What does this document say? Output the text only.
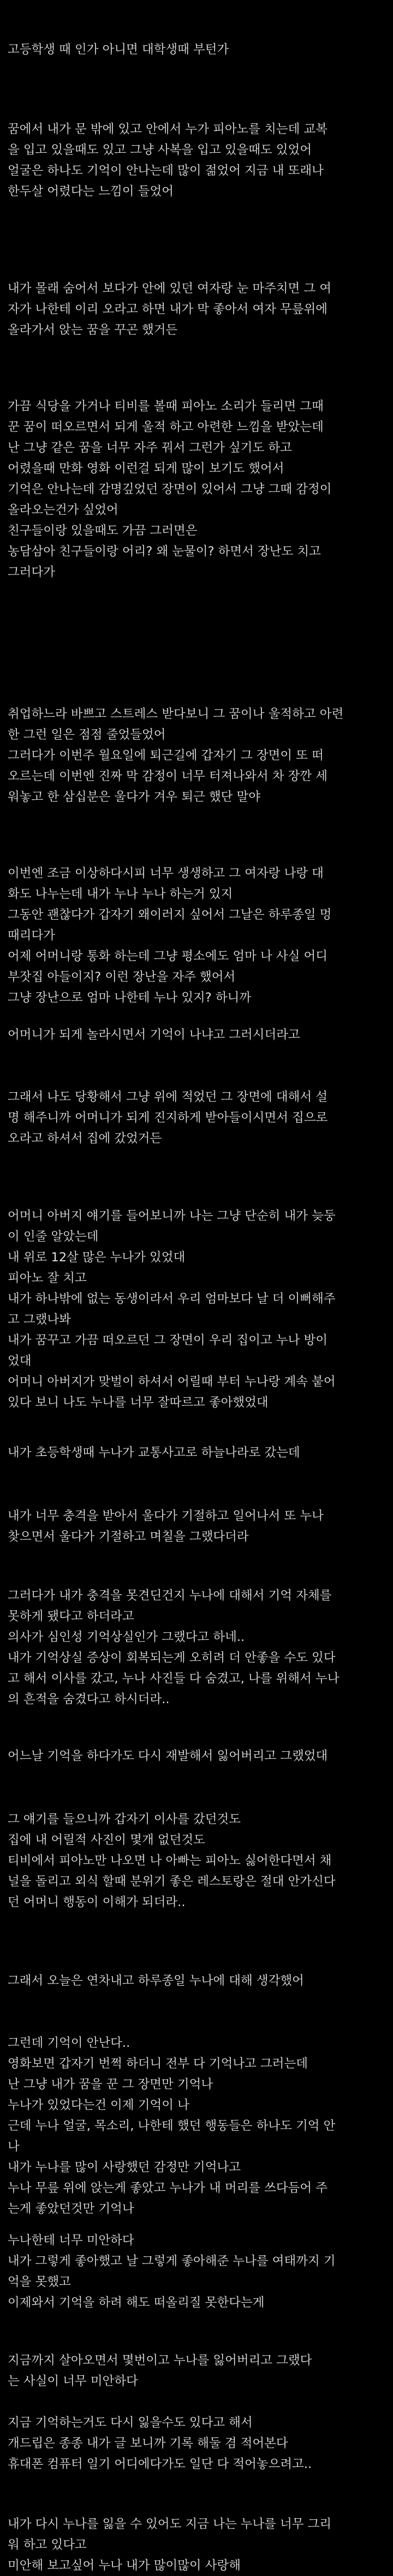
고등학생 때 인가 아니면 대학생때 부턴가
꿈에서 내가 문 밖에 있고 안에서 누가 피아노를 치는데 교복
을 입고 있을때도 있고 그냥 사복을 입고 있을때도 있었어
얼굴은 하나도 기억이 안나는데 많이 젊었어 지금 내 또래나
한두살 어렸다는 느낌이 들었어
내가 몰래 숨어서 보다가 안에 있던 여자랑 눈 마주치면 그 여
자가 나한테 이리 오라고 하면 내가 막 좋아서 여자 무릎위에
올라가서 앉는 꿈을 꾸곤 했거든
가끔 식당을 가거나 티비를 볼때 피아노 소리가 들리면 그때
꾼 꿈이 떠오르면서 되게 울적 하고 아련한 느낌을 받았는데
난 그냥 같은 꿈을 너무 자주 꿔서 그런가 싶기도 하고
어렸을때 만화 영화 이런걸 되게 많이 보기도 했어서
기억은 안나는데 감명깊었던 장면이 있어서 그냥 그때 감정이
올라오는건가 싶었어
친구들이랑 있을때도 가끔 그러면은
농담삼아 친구들이랑 어리? 왜 눈물이? 하면서 장난도 치고
그러다가
취업하느라 바쁘고 스트레스 받다보니 그 꿈이나 울적하고 아련
한 그런 일은 점점 줄었들었어
그러다가 이번주 월요일에 퇴근길에 갑자기 그 장면이 또 떠
오르는데 이번엔 진짜 막 감정이 너무 터져나와서 차 장깐 세
워놓고 한 삼십분은 울다가 겨우 퇴근 했단 말야
이번엔 조금 이상하다시피 너무 생생하고 그 여자랑 나랑 대
화도 나누는데 내가 누나 누나 하는거 있지
그동안 괜찮다가 갑자기 왜이러지 싶어서 그날은 하루종일 멍
때리다가
어제 어머니랑 통화 하는데 그냥 평소에도 엄마 나 사실 어디
부잣집 아들이지? 이런 장난을 자주 했어서
그냥 장난으로 엄마 나한테 누나 있지? 하니까
어머니가 되게 놀라시면서 기억이 나냐고 그러시더라고
그래서 나도 당황해서 그냥 위에 적었던 그 장면에 대해서 설
명 해주니까 어머니가 되게 진지하게 받아들이시면서 집으로
오라고 하셔서 집에 갔었거든
어머니 아버지 얘기를 들어보니까 나는 그냥 단순히 내가 늦둥
이 인줄 알았는데
내 위로 12살 많은 누나가 있었대
피아노 잘 치고
내가 하나밖에 없는 동생이라서 우리 엄마보다 날 더 이뻐해주
고 그랬나봐
내가 꿈꾸고 가끔 떠오르던 그 장면이 우리 집이고 누나 방이
었대
어머니 아버지가 맞벌이 하셔서 어릴때 부터 누나랑 계속 붙어
있다 보니 나도 누나를 너무 잘따르고 좋아했었대
내가 초등학생때 누나가 교통사고로 하늘나라로 갔는데
내가 너무 충격을 받아서 울다가 기절하고 일어나서 또 누나
찾으면서 울다가 기절하고 며칠을 그랬다더라
그러다가 내가 충격을 못견딘건지 누나에 대해서 기억 자체를
못하게 됐다고 하더라고
의사가 심인성 기억상실인가 그랬다고 하네..
내가 기억상실 증상이 회복되는게 오히려 더 안좋을 수도 있다
고 해서 이사를 갔고, 누나 사진들 다 숨겼고, 나를 위해서 누나
의 흔적을 숨겼다고 하시더라..
어느날 기억을 하다가도 다시 재발해서 잃어버리고 그랬었대
그 얘기를 들으니까 갑자기 이사를 갔던것도
집에 내 어릴적 사진이 몇개 없던것도
티비에서 피아노만 나오면 나 아빠는 피아노 싫어한다면서 채
널을 돌리고 외식 할때 분위기 좋은 레스토랑은 절대 안가신다
던 어머니 행동이 이해가 되더라..
그래서 오늘은 연차내고 하루종일 누나에 대해 생각했어
그런데 기억이 안난다..
영화보면 갑자기 번쩍 하더니 전부 다 기억나고 그러는데
난 그냥 내가 꿈을 꾼 그 장면만 기억나
누나가 있었다는건 이제 기억이 나
근데 누나 얼굴, 목소리, 나한테 했던 행동들은 하나도 기억 안
나
내가 누나를 많이 사랑했던 감정만 기억나고
누나 무릎 위에 앉는게 좋았고 누나가 내 머리를 쓰다듬어 주
는게 좋았던것만 기억나
누나한테 너무 미안하다
내가 그렇게 좋아했고 날 그렇게 좋아해준 누나를 여태까지 기
억을 못했고
이제와서 기억을 하려 해도 떠올리질 못한다는게
지금까지 살아오면서 몇번이고 누나를 잃어버리고 그랬다
는 사실이 너무 미안하다
지금 기억하는거도 다시 잃을수도 있다고 해서
개드립은 종종 내가 글 보니까 기록 해둘 겸 적어본다
휴대폰 컴퓨터 일기 어디에다가도 일단 다 적어놓으려고..
내가 다시 누나를 잃을 수 있어도 지금 나는 누나를 너무 그리
워 하고 있다고
미안해 보고싶어 누나 내가 많이많이 사랑해
